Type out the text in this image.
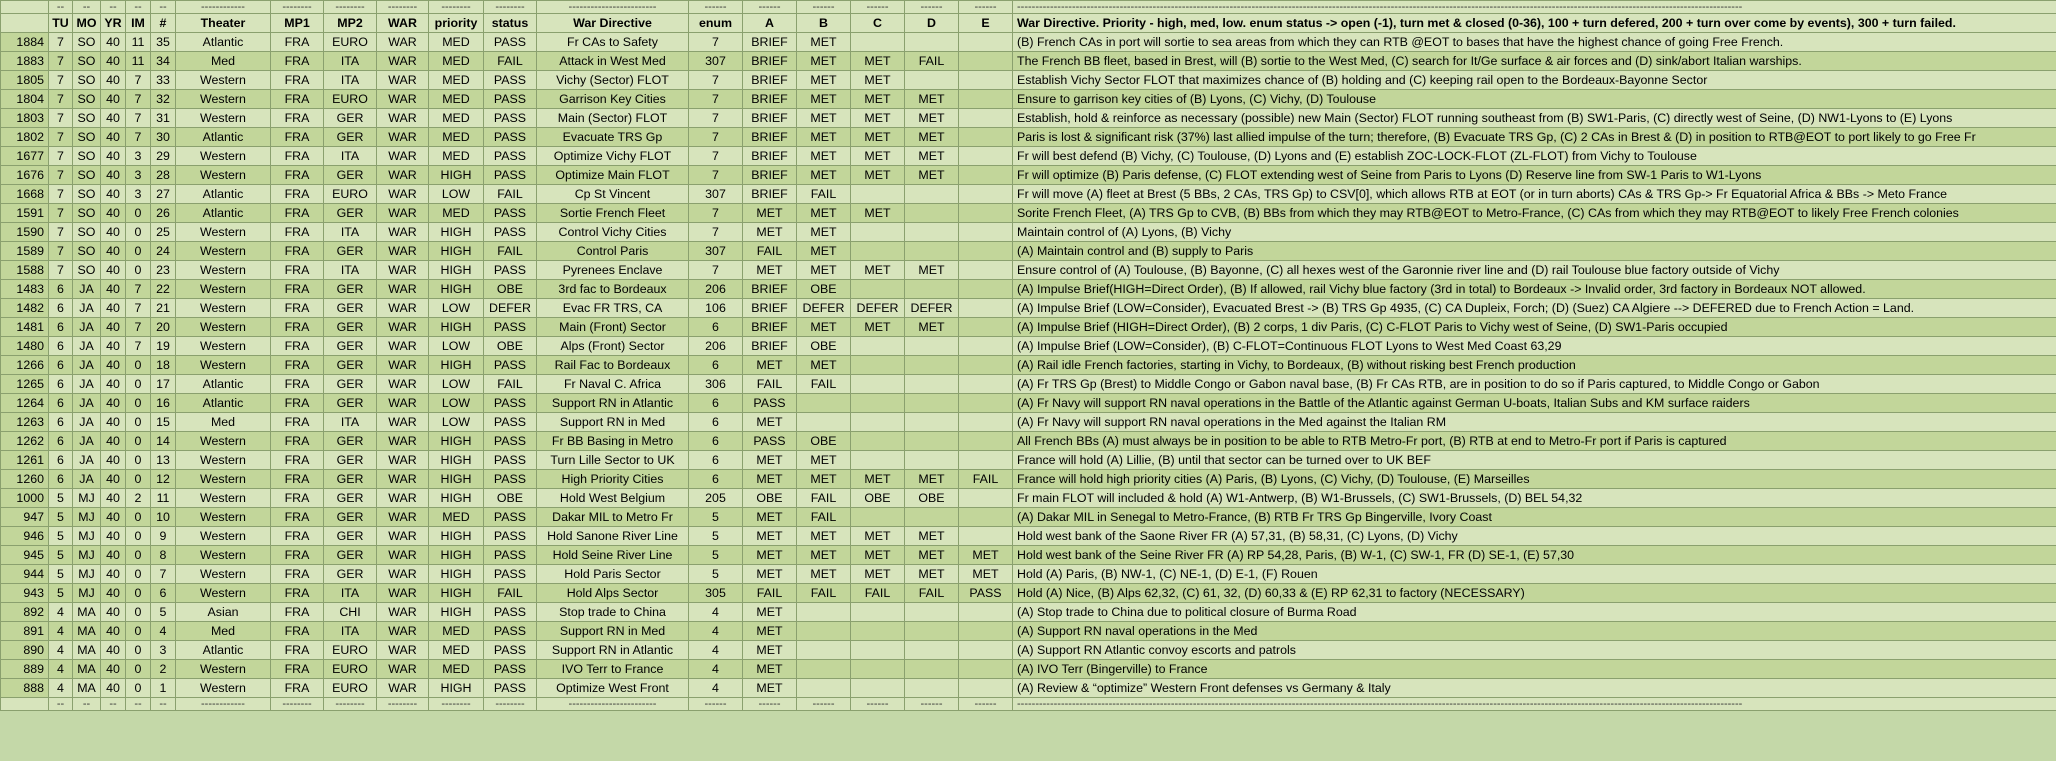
	--	--	--	--	--	------------	--------	--------	--------	--------	--------	------------------------	------	------	------	------	------	------	------------------------------------------------------------------------------------------------------------------------------------------------------------------------------------------------------
	TU	MO	YR	IM	#	Theater	MP1	MP2	WAR	priority	status	War Directive	enum	A	B	C	D	E	War Directive. Priority - high, med, low. enum status -> open (-1), turn met & closed (0-36), 100 + turn defered, 200 + turn over come by events), 300 + turn failed.
1884	7	SO	40	11	35	Atlantic	FRA	EURO	WAR	MED	PASS	Fr CAs to Safety	7	BRIEF	MET				(B) French CAs in port will sortie to sea areas from which they can RTB @EOT to bases that have the highest chance of going Free French.
1883	7	SO	40	11	34	Med	FRA	ITA	WAR	MED	FAIL	Attack in West Med	307	BRIEF	MET	MET	FAIL		The French BB fleet, based in Brest, will (B) sortie to the West Med, (C) search for It/Ge surface & air forces and (D) sink/abort Italian warships.
1805	7	SO	40	7	33	Western	FRA	ITA	WAR	MED	PASS	Vichy (Sector) FLOT	7	BRIEF	MET	MET			Establish Vichy Sector FLOT that maximizes chance of (B) holding and (C) keeping rail open to the Bordeaux-Bayonne Sector
1804	7	SO	40	7	32	Western	FRA	EURO	WAR	MED	PASS	Garrison Key Cities	7	BRIEF	MET	MET	MET		Ensure to garrison key cities of (B) Lyons, (C) Vichy, (D) Toulouse
1803	7	SO	40	7	31	Western	FRA	GER	WAR	MED	PASS	Main (Sector) FLOT	7	BRIEF	MET	MET	MET		Establish, hold & reinforce as necessary (possible) new Main (Sector) FLOT running southeast from (B) SW1-Paris, (C) directly west of Seine, (D) NW1-Lyons to (E) Lyons
1802	7	SO	40	7	30	Atlantic	FRA	GER	WAR	MED	PASS	Evacuate TRS Gp	7	BRIEF	MET	MET	MET		Paris is lost & significant risk (37%) last allied impulse of the turn; therefore, (B) Evacuate TRS Gp, (C) 2 CAs in Brest & (D) in position to RTB@EOT to port likely to go Free Fr
1677	7	SO	40	3	29	Western	FRA	ITA	WAR	MED	PASS	Optimize Vichy FLOT	7	BRIEF	MET	MET	MET		Fr will best defend (B) Vichy, (C) Toulouse, (D) Lyons and (E) establish ZOC-LOCK-FLOT (ZL-FLOT) from Vichy to Toulouse
1676	7	SO	40	3	28	Western	FRA	GER	WAR	HIGH	PASS	Optimize Main FLOT	7	BRIEF	MET	MET	MET		Fr will optimize (B) Paris defense, (C) FLOT extending west of Seine from Paris to Lyons (D) Reserve line from SW-1 Paris to W1-Lyons
1668	7	SO	40	3	27	Atlantic	FRA	EURO	WAR	LOW	FAIL	Cp St Vincent	307	BRIEF	FAIL				Fr will move (A) fleet at Brest (5 BBs, 2 CAs, TRS Gp) to CSV[0], which allows RTB at EOT (or in turn aborts) CAs & TRS Gp-> Fr Equatorial Africa & BBs -> Meto France
1591	7	SO	40	0	26	Atlantic	FRA	GER	WAR	MED	PASS	Sortie French Fleet	7	MET	MET	MET			Sorite French Fleet, (A) TRS Gp to CVB, (B) BBs from which they may RTB@EOT to Metro-France, (C) CAs from which they may RTB@EOT to likely Free French colonies
1590	7	SO	40	0	25	Western	FRA	ITA	WAR	HIGH	PASS	Control Vichy Cities	7	MET	MET				Maintain control of (A) Lyons, (B) Vichy
1589	7	SO	40	0	24	Western	FRA	GER	WAR	HIGH	FAIL	Control Paris	307	FAIL	MET				(A) Maintain control and (B) supply to Paris
1588	7	SO	40	0	23	Western	FRA	ITA	WAR	HIGH	PASS	Pyrenees Enclave	7	MET	MET	MET	MET		Ensure control of (A) Toulouse, (B) Bayonne, (C) all hexes west of the Garonnie river line and (D) rail Toulouse blue factory outside of Vichy
1483	6	JA	40	7	22	Western	FRA	GER	WAR	HIGH	OBE	3rd fac to Bordeaux	206	BRIEF	OBE				(A) Impulse Brief(HIGH=Direct Order), (B) If allowed, rail Vichy blue factory (3rd in total) to Bordeaux -> Invalid order, 3rd factory in Bordeaux NOT allowed.
1482	6	JA	40	7	21	Western	FRA	GER	WAR	LOW	DEFER	Evac FR TRS, CA	106	BRIEF	DEFER	DEFER	DEFER		(A) Impulse Brief (LOW=Consider), Evacuated Brest -> (B) TRS Gp 4935, (C) CA Dupleix, Forch; (D) (Suez) CA Algiere --> DEFERED due to French Action = Land.
1481	6	JA	40	7	20	Western	FRA	GER	WAR	HIGH	PASS	Main (Front) Sector	6	BRIEF	MET	MET	MET		(A) Impulse Brief (HIGH=Direct Order), (B) 2 corps, 1 div Paris, (C) C-FLOT Paris to Vichy west of Seine, (D) SW1-Paris occupied
1480	6	JA	40	7	19	Western	FRA	GER	WAR	LOW	OBE	Alps (Front) Sector	206	BRIEF	OBE				(A) Impulse Brief (LOW=Consider), (B) C-FLOT=Continuous FLOT Lyons to West Med Coast 63,29
1266	6	JA	40	0	18	Western	FRA	GER	WAR	HIGH	PASS	Rail Fac to Bordeaux	6	MET	MET				(A) Rail idle French factories, starting in Vichy, to Bordeaux, (B) without risking best French production
1265	6	JA	40	0	17	Atlantic	FRA	GER	WAR	LOW	FAIL	Fr Naval C. Africa	306	FAIL	FAIL				(A) Fr TRS Gp (Brest) to Middle Congo or Gabon naval base, (B) Fr CAs RTB, are in position to do so if Paris captured, to Middle Congo or Gabon
1264	6	JA	40	0	16	Atlantic	FRA	GER	WAR	LOW	PASS	Support RN in Atlantic	6	PASS					(A) Fr Navy will support RN naval operations in the Battle of the Atlantic against German U-boats, Italian Subs and KM surface raiders
1263	6	JA	40	0	15	Med	FRA	ITA	WAR	LOW	PASS	Support RN in Med	6	MET					(A) Fr Navy will support RN naval operations in the Med against the Italian RM
1262	6	JA	40	0	14	Western	FRA	GER	WAR	HIGH	PASS	Fr BB Basing in Metro	6	PASS	OBE				All French BBs (A) must always be in position to be able to RTB Metro-Fr port, (B) RTB at end to Metro-Fr port if Paris is captured
1261	6	JA	40	0	13	Western	FRA	GER	WAR	HIGH	PASS	Turn Lille Sector to UK	6	MET	MET				France will hold (A) Lillie, (B) until that sector can be turned over to UK BEF
1260	6	JA	40	0	12	Western	FRA	GER	WAR	HIGH	PASS	High Priority Cities	6	MET	MET	MET	MET	FAIL	France will hold high priority cities (A) Paris, (B) Lyons, (C) Vichy, (D) Toulouse, (E) Marseilles
1000	5	MJ	40	2	11	Western	FRA	GER	WAR	HIGH	OBE	Hold West Belgium	205	OBE	FAIL	OBE	OBE		Fr main FLOT will included & hold (A) W1-Antwerp, (B) W1-Brussels, (C) SW1-Brussels, (D) BEL 54,32
947	5	MJ	40	0	10	Western	FRA	GER	WAR	MED	PASS	Dakar MIL to Metro Fr	5	MET	FAIL				(A) Dakar MIL in Senegal to Metro-France, (B) RTB Fr TRS Gp Bingerville, Ivory Coast
946	5	MJ	40	0	9	Western	FRA	GER	WAR	HIGH	PASS	Hold Sanone River Line	5	MET	MET	MET	MET		Hold west bank of the Saone River FR (A) 57,31, (B) 58,31, (C) Lyons, (D) Vichy
945	5	MJ	40	0	8	Western	FRA	GER	WAR	HIGH	PASS	Hold Seine River Line	5	MET	MET	MET	MET	MET	Hold west bank of the Seine River FR (A) RP 54,28, Paris, (B) W-1, (C) SW-1, FR (D) SE-1, (E) 57,30
944	5	MJ	40	0	7	Western	FRA	GER	WAR	HIGH	PASS	Hold Paris Sector	5	MET	MET	MET	MET	MET	Hold (A) Paris, (B) NW-1, (C) NE-1, (D) E-1, (F) Rouen
943	5	MJ	40	0	6	Western	FRA	ITA	WAR	HIGH	FAIL	Hold Alps Sector	305	FAIL	FAIL	FAIL	FAIL	PASS	Hold (A) Nice, (B) Alps 62,32, (C) 61, 32, (D) 60,33 & (E) RP 62,31 to factory (NECESSARY)
892	4	MA	40	0	5	Asian	FRA	CHI	WAR	HIGH	PASS	Stop trade to China	4	MET					(A) Stop trade to China due to political closure of Burma Road
891	4	MA	40	0	4	Med	FRA	ITA	WAR	MED	PASS	Support RN in Med	4	MET					(A) Support RN naval operations in the Med
890	4	MA	40	0	3	Atlantic	FRA	EURO	WAR	MED	PASS	Support RN in Atlantic	4	MET					(A) Support RN Atlantic convoy escorts and patrols
889	4	MA	40	0	2	Western	FRA	EURO	WAR	MED	PASS	IVO Terr to France	4	MET					(A) IVO Terr (Bingerville) to France
888	4	MA	40	0	1	Western	FRA	EURO	WAR	HIGH	PASS	Optimize West Front	4	MET					(A) Review & “optimize” Western Front defenses vs Germany & Italy
	--	--	--	--	--	------------	--------	--------	--------	--------	--------	------------------------	------	------	------	------	------	------	------------------------------------------------------------------------------------------------------------------------------------------------------------------------------------------------------
